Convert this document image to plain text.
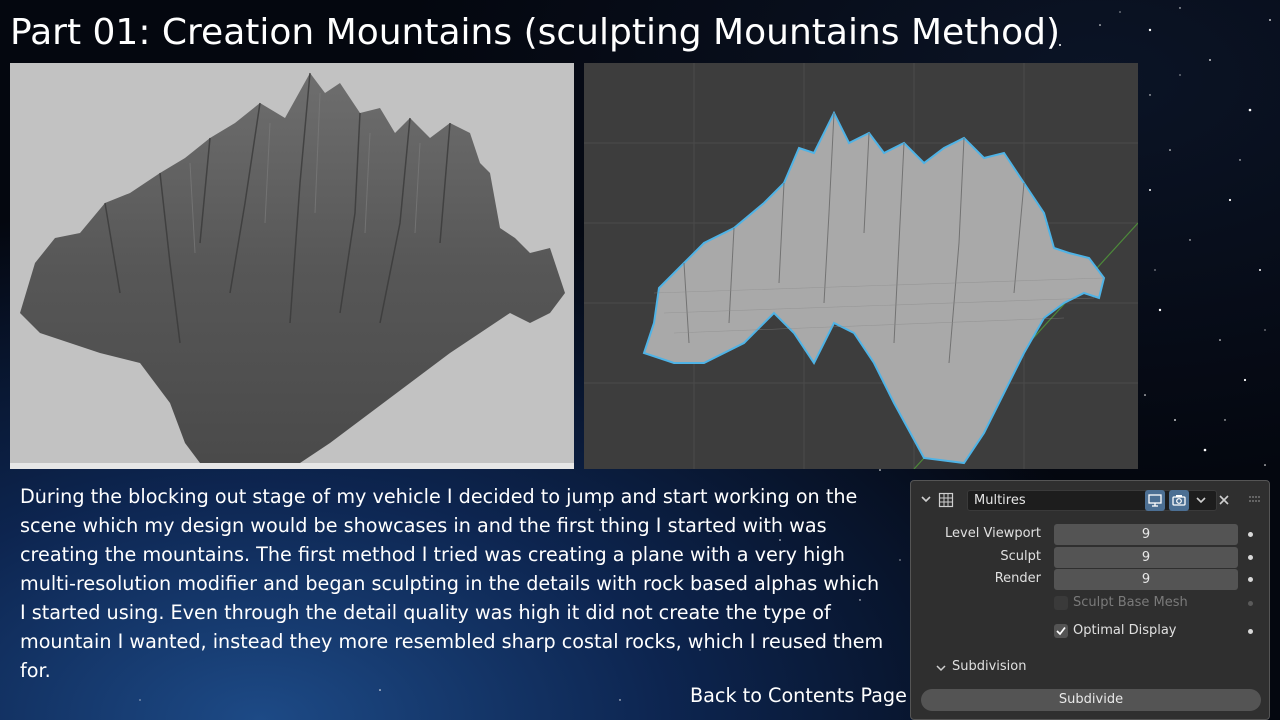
Part 01: Creation Mountains (sculpting Mountains Method)

During the blocking out stage of my vehicle I decided to jump and start working on the scene which my design would be showcases in and the first thing I started with was creating the mountains. The first method I tried was creating a plane with a very high multi-resolution modifier and began sculpting in the details with rock based alphas which I started using. Even through the detail quality was high it did not create the type of mountain I wanted, instead they more resembled sharp costal rocks, which I reused them for.

Back to Contents Page
Multires
Level Viewport	9
Sculpt	9
Render	9
Sculpt Base Mesh
Optimal Display
Subdivision
Subdivide
